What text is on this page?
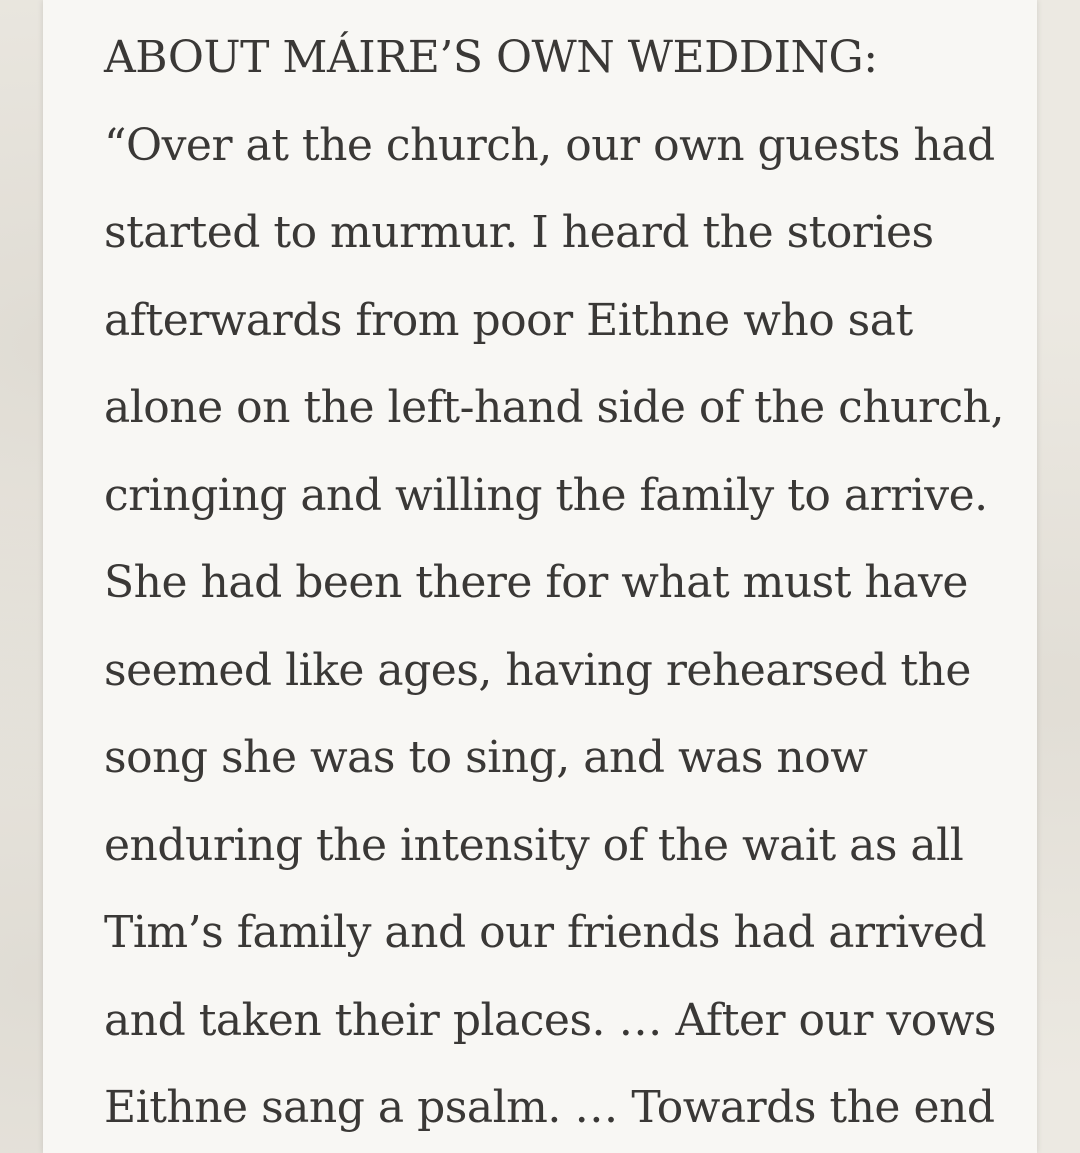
ABOUT MÁIRE’S OWN WEDDING:
“Over at the church, our own guests had
started to murmur. I heard the stories
afterwards from poor Eithne who sat
alone on the left-hand side of the church,
cringing and willing the family to arrive.
She had been there for what must have
seemed like ages, having rehearsed the
song she was to sing, and was now
enduring the intensity of the wait as all
Tim’s family and our friends had arrived
and taken their places. … After our vows
Eithne sang a psalm. … Towards the end
